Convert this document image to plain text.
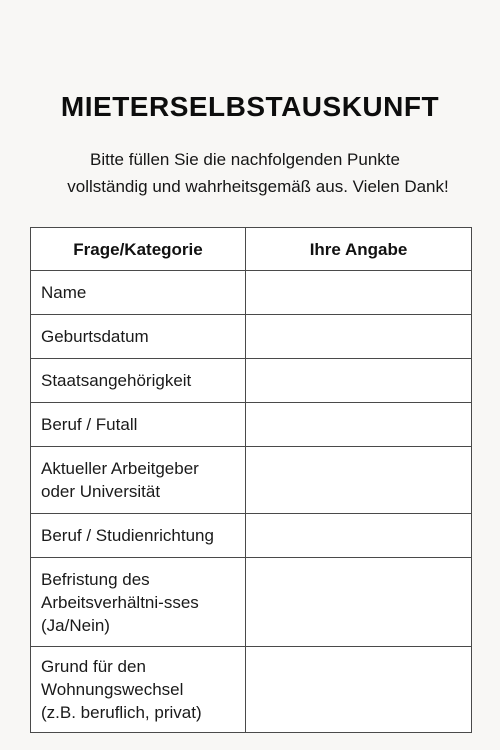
MIETERSELBSTAUSKUNFT
Bitte füllen Sie die nachfolgenden Punkte
vollständig und wahrheitsgemäß aus. Vielen Dank!
Frage/Kategorie	Ihre Angabe

Name	

Geburtsdatum	

Staatsangehörigkeit	

Beruf / Futall	

Aktueller Arbeitgeber
oder Universität	

Beruf / Studienrichtung	

Befristung des
Arbeitsverhältni-sses
(Ja/Nein)	

Grund für den
Wohnungswechsel
(z.B. beruflich, privat)	
